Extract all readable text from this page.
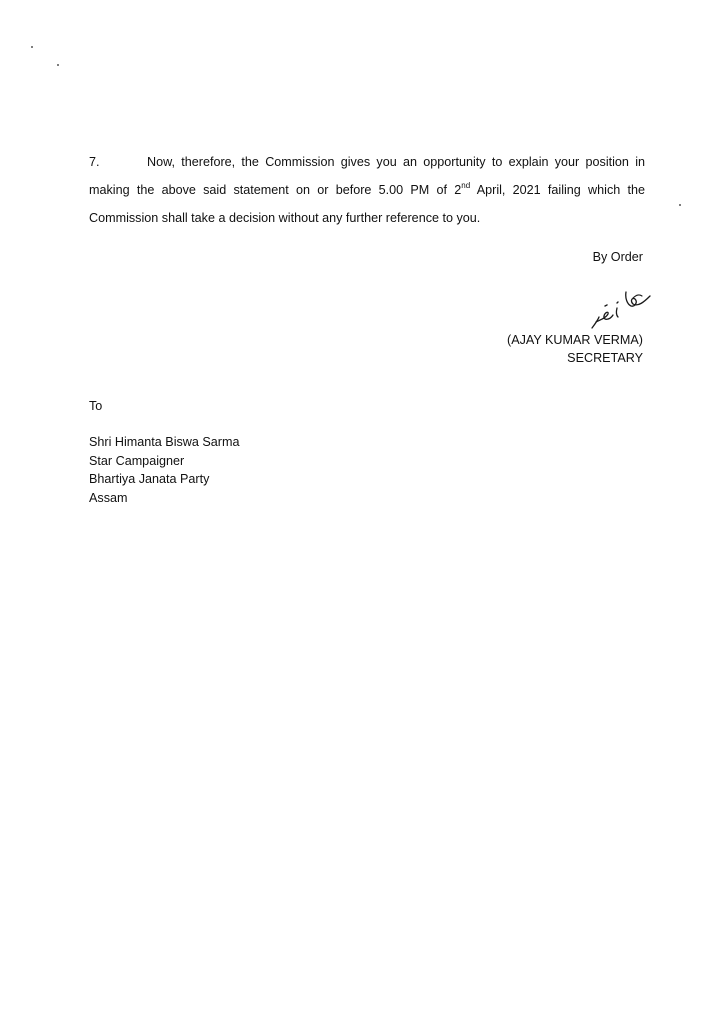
7.	Now, therefore, the Commission gives you an opportunity to explain your position in
making the above said statement on or before 5.00 PM of 2nd April, 2021 failing which the
Commission shall take a decision without any further reference to you.
By Order
(AJAY KUMAR VERMA)
SECRETARY
To
Shri Himanta Biswa Sarma
Star Campaigner
Bhartiya Janata Party
Assam
